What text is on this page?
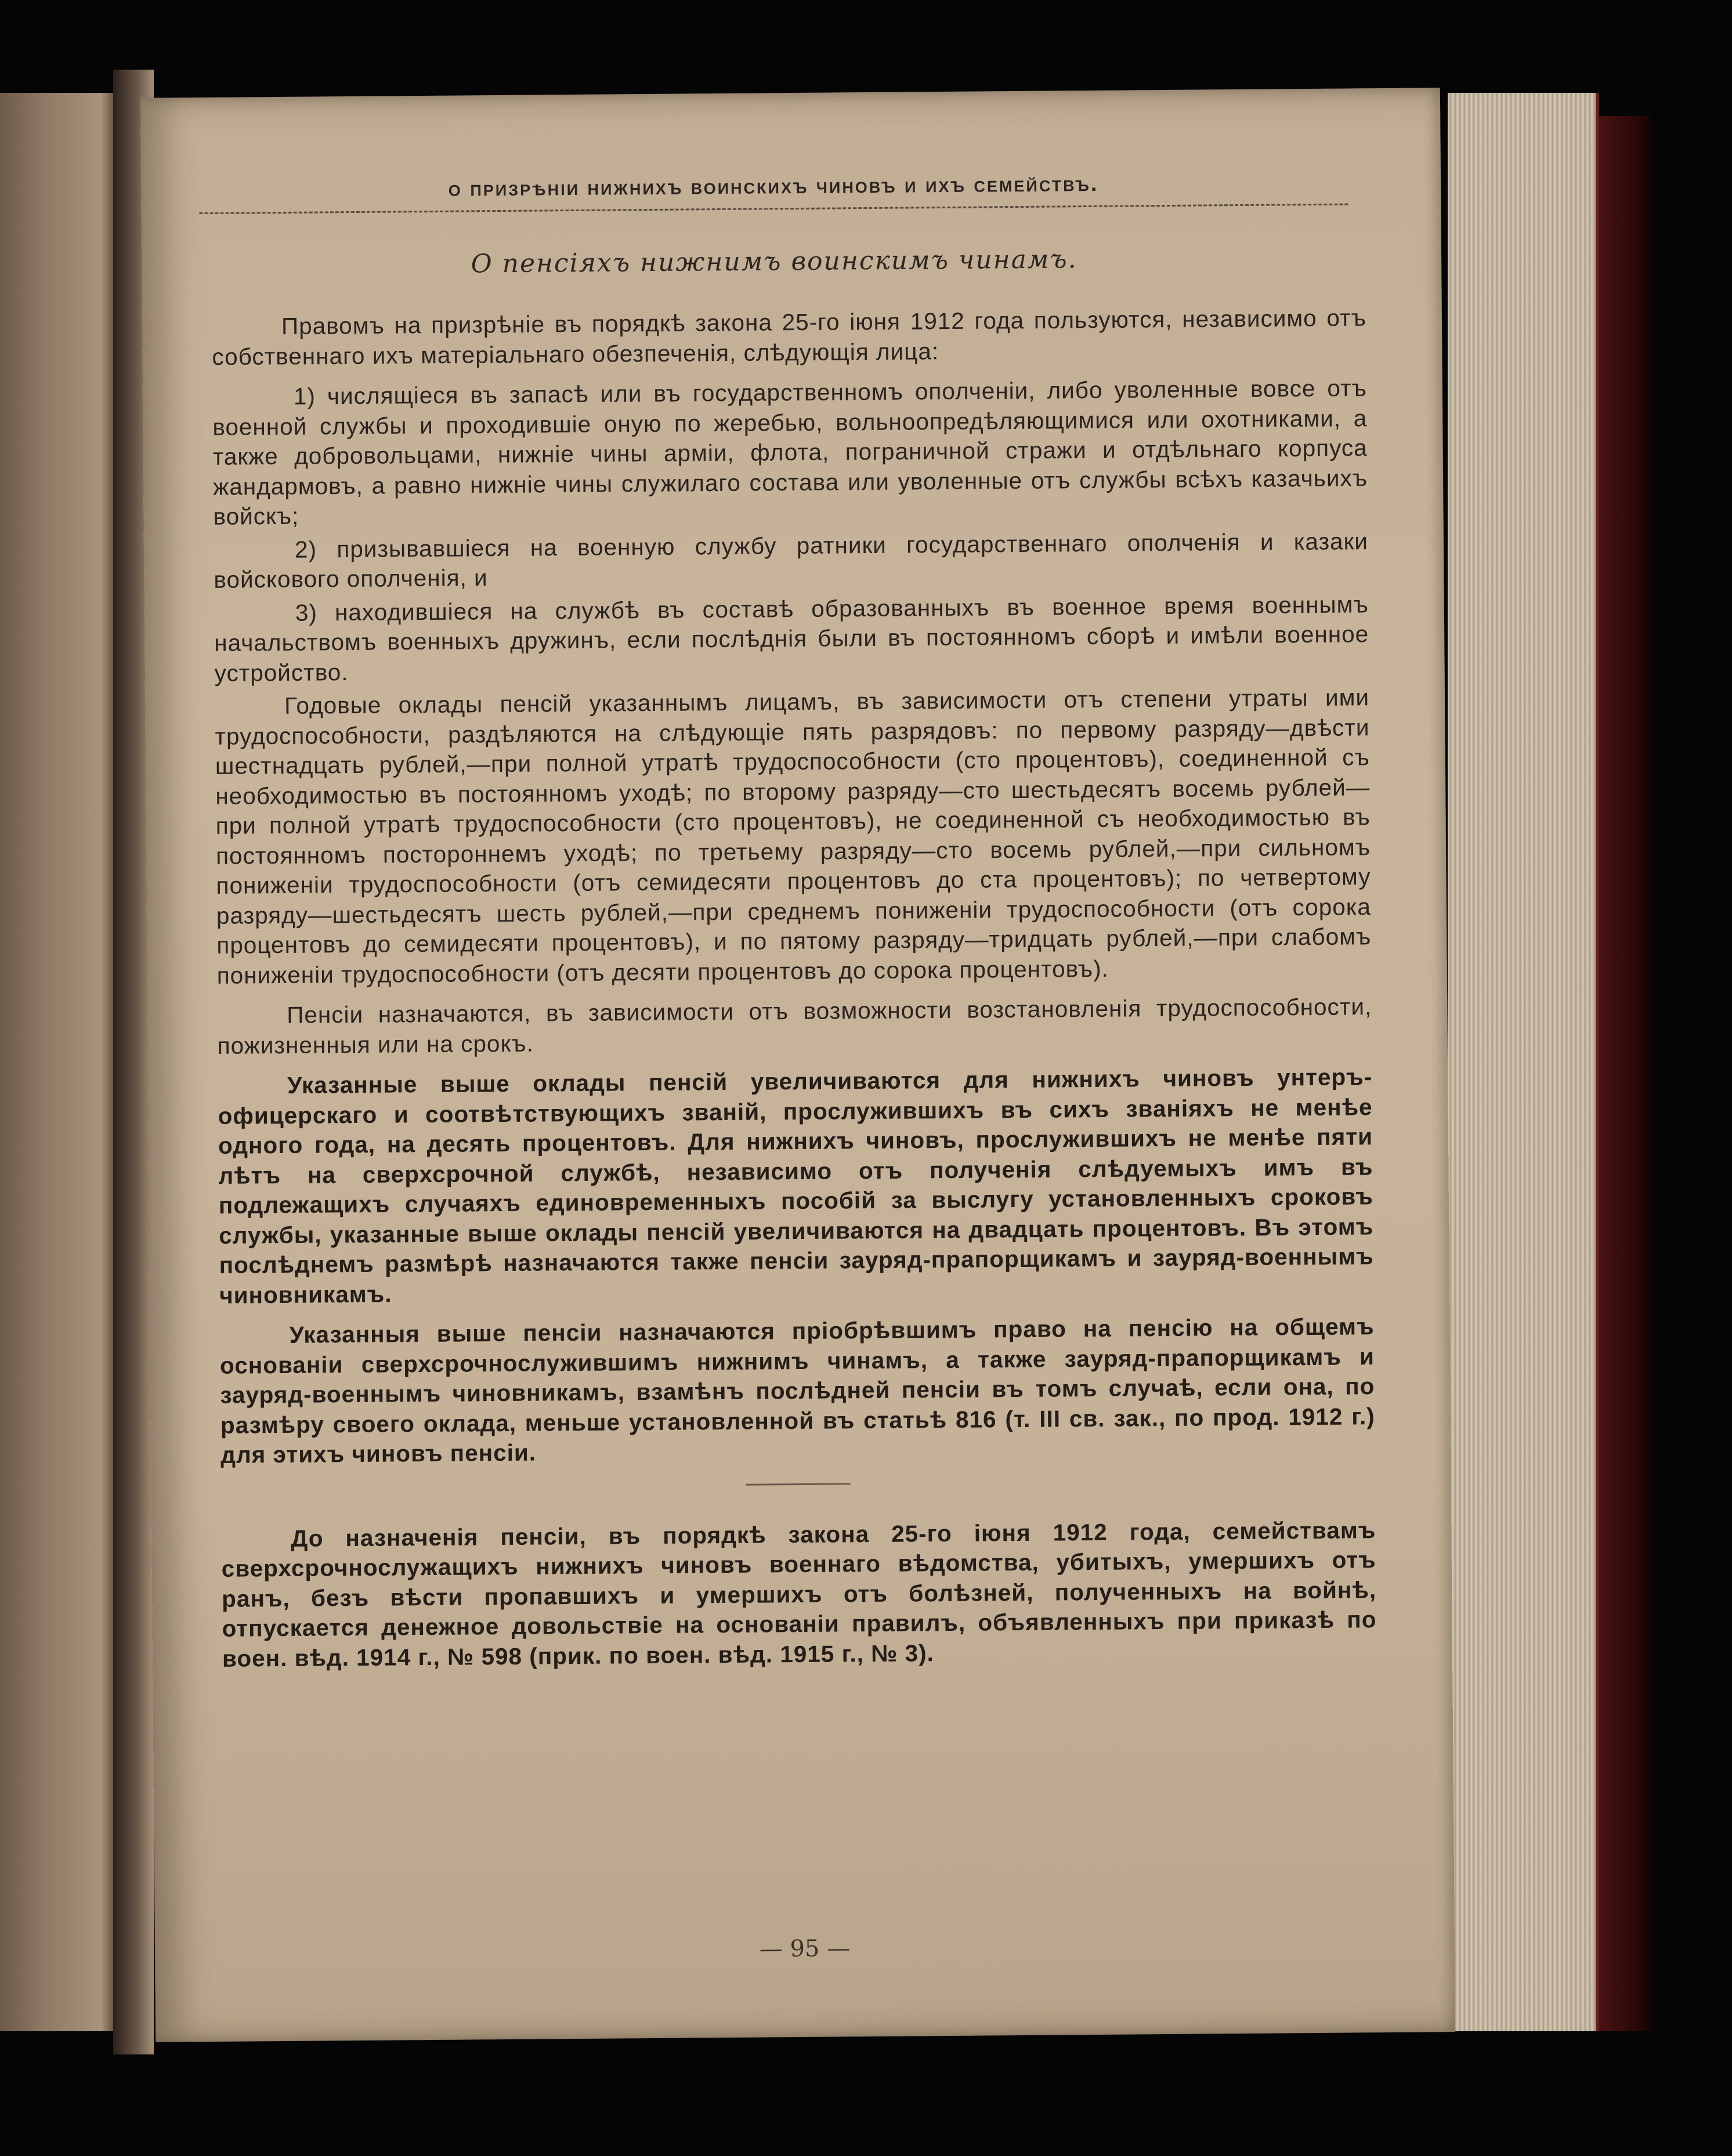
о призрѣніи нижнихъ воинскихъ чиновъ и ихъ семействъ.
О пенсіяхъ нижнимъ воинскимъ чинамъ.

Правомъ на призрѣніе въ порядкѣ закона 25-го іюня 1912 года пользуются, независимо отъ собственнаго ихъ матеріальнаго обезпеченія, слѣдующія лица:

1) числящіеся въ запасѣ или въ государственномъ ополченіи, либо уволенные вовсе отъ военной службы и проходившіе оную по жеребью, вольноопредѣляющимися или охотниками, а также добровольцами, нижніе чины арміи, флота, пограничной стражи и отдѣльнаго корпуса жандармовъ, а равно нижніе чины служилаго состава или уволенные отъ службы всѣхъ казачьихъ войскъ;

2) призывавшіеся на военную службу ратники государственнаго ополченія и казаки войскового ополченія, и

3) находившіеся на службѣ въ составѣ образованныхъ въ военное время военнымъ начальствомъ военныхъ дружинъ, если послѣднія были въ постоянномъ сборѣ и имѣли военное устройство.

Годовые оклады пенсій указаннымъ лицамъ, въ зависимости отъ степени утраты ими трудоспособности, раздѣляются на слѣдующіе пять разрядовъ: по первому разряду—двѣсти шестнадцать рублей,—при полной утратѣ трудоспособности (сто процентовъ), соединенной съ необходимостью въ постоянномъ уходѣ; по второму разряду—сто шестьдесятъ восемь рублей—при полной утратѣ трудоспособности (сто процентовъ), не соединенной съ необходимостью въ постоянномъ постороннемъ уходѣ; по третьему разряду—сто восемь рублей,—при сильномъ пониженіи трудоспособности (отъ семидесяти процентовъ до ста процентовъ); по четвертому разряду—шестьдесятъ шесть рублей,—при среднемъ пониженіи трудоспособности (отъ сорока процентовъ до семидесяти процентовъ), и по пятому разряду—тридцать рублей,—при слабомъ пониженіи трудоспособности (отъ десяти процентовъ до сорока процентовъ).

Пенсіи назначаются, въ зависимости отъ возможности возстановленія трудоспособности, пожизненныя или на срокъ.

Указанные выше оклады пенсій увеличиваются для нижнихъ чиновъ унтеръ-офицерскаго и соотвѣтствующихъ званій, прослужившихъ въ сихъ званіяхъ не менѣе одного года, на десять процентовъ. Для нижнихъ чиновъ, прослужившихъ не менѣе пяти лѣтъ на сверхсрочной службѣ, независимо отъ полученія слѣдуемыхъ имъ въ подлежащихъ случаяхъ единовременныхъ пособій за выслугу установленныхъ сроковъ службы, указанные выше оклады пенсій увеличиваются на двадцать процентовъ. Въ этомъ послѣднемъ размѣрѣ назначаются также пенсіи зауряд-прапорщикамъ и зауряд-военнымъ чиновникамъ.

Указанныя выше пенсіи назначаются пріобрѣвшимъ право на пенсію на общемъ основаніи сверхсрочнослужившимъ нижнимъ чинамъ, а также зауряд-прапорщикамъ и зауряд-военнымъ чиновникамъ, взамѣнъ послѣдней пенсіи въ томъ случаѣ, если она, по размѣру своего оклада, меньше установленной въ статьѣ 816 (т. III св. зак., по прод. 1912 г.) для этихъ чиновъ пенсіи.

До назначенія пенсіи, въ порядкѣ закона 25-го іюня 1912 года, семействамъ сверхсрочнослужащихъ нижнихъ чиновъ военнаго вѣдомства, убитыхъ, умершихъ отъ ранъ, безъ вѣсти пропавшихъ и умершихъ отъ болѣзней, полученныхъ на войнѣ, отпускается денежное довольствіе на основаніи правилъ, объявленныхъ при приказѣ по воен. вѣд. 1914 г., № 598 (прик. по воен. вѣд. 1915 г., № 3).

— 95 —
